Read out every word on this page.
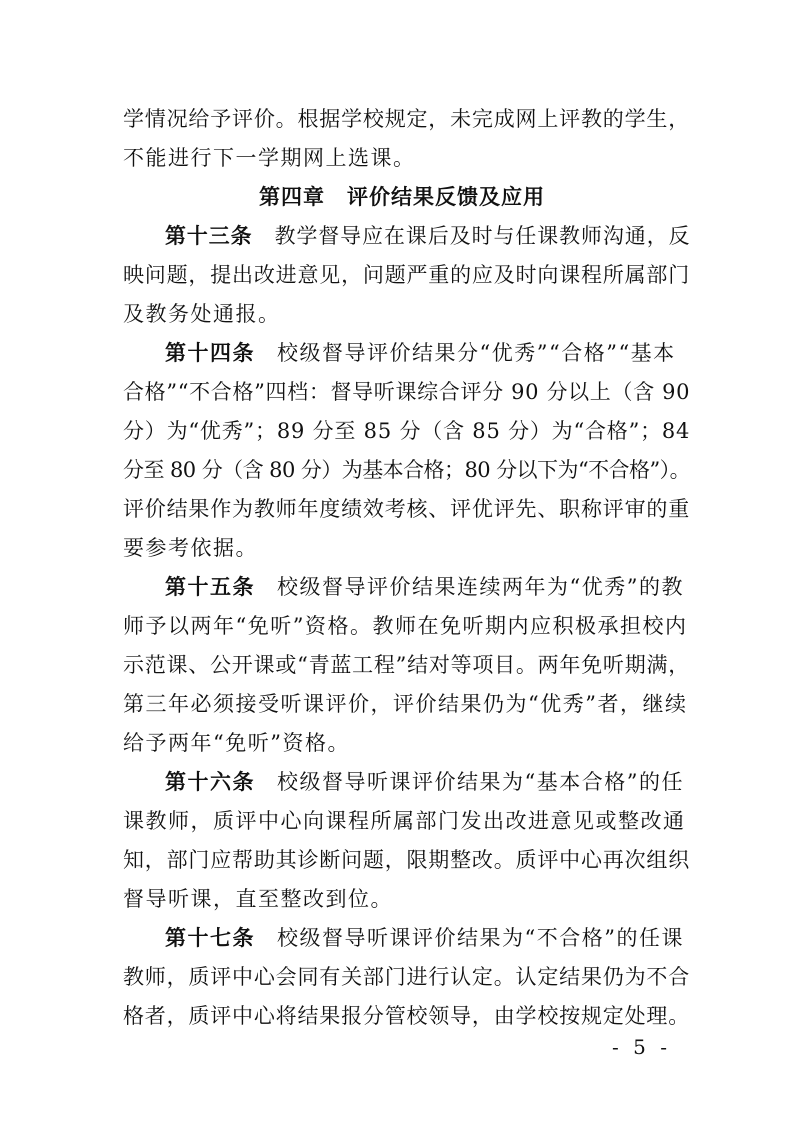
学情况给予评价。根据学校规定，未完成网上评教的学生，
不能进行下一学期网上选课。
第四章　评价结果反馈及应用
第十三条 教学督导应在课后及时与任课教师沟通，反
映问题，提出改进意见，问题严重的应及时向课程所属部门
及教务处通报。
第十四条 校级督导评价结果分“优秀”“合格”“基本
合格”“不合格”四档：督导听课综合评分 90 分以上（含 90
分）为“优秀”；89 分至 85 分（含 85 分）为“合格”；84
分至 80 分（含 80 分）为基本合格；80 分以下为“不合格”）。
评价结果作为教师年度绩效考核、评优评先、职称评审的重
要参考依据。
第十五条 校级督导评价结果连续两年为“优秀”的教
师予以两年“免听”资格。教师在免听期内应积极承担校内
示范课、公开课或“青蓝工程”结对等项目。两年免听期满，
第三年必须接受听课评价，评价结果仍为“优秀”者，继续
给予两年“免听”资格。
第十六条 校级督导听课评价结果为“基本合格”的任
课教师，质评中心向课程所属部门发出改进意见或整改通
知，部门应帮助其诊断问题，限期整改。质评中心再次组织
督导听课，直至整改到位。
第十七条 校级督导听课评价结果为“不合格”的任课
教师，质评中心会同有关部门进行认定。认定结果仍为不合
格者，质评中心将结果报分管校领导，由学校按规定处理。
- 5 -
